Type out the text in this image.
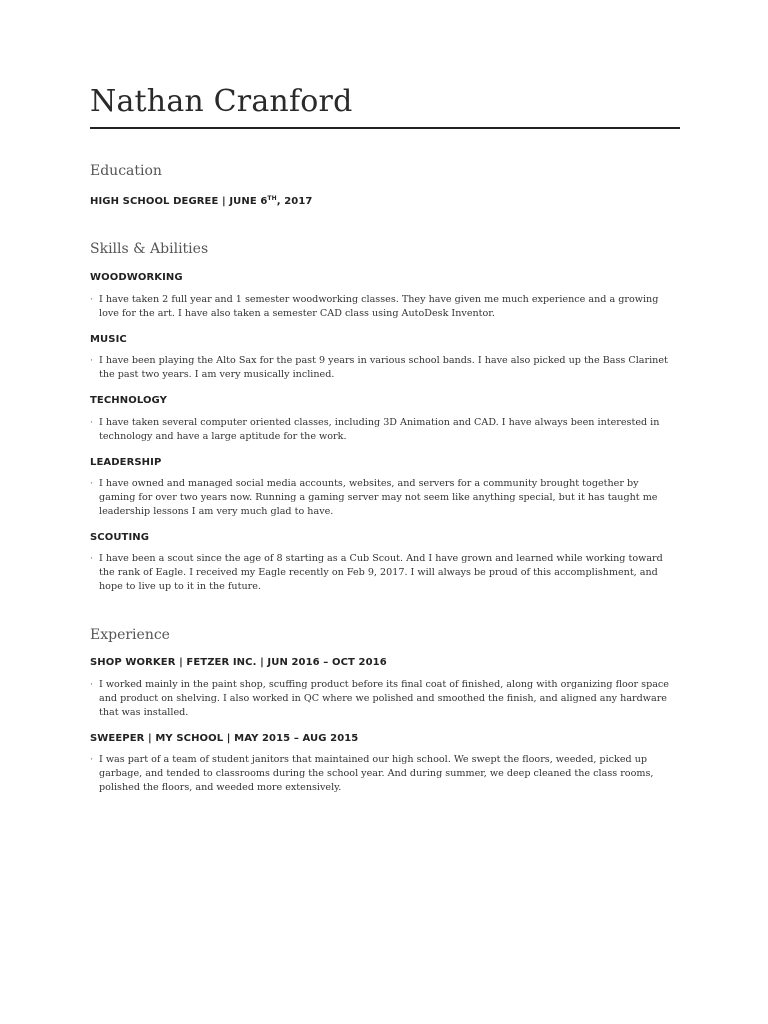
Nathan Cranford
Education
HIGH SCHOOL DEGREE | JUNE 6TH, 2017
Skills & Abilities
WOODWORKING
· I have taken 2 full year and 1 semester woodworking classes. They have given me much experience and a growing love for the art. I have also taken a semester CAD class using AutoDesk Inventor.
MUSIC
· I have been playing the Alto Sax for the past 9 years in various school bands. I have also picked up the Bass Clarinet the past two years. I am very musically inclined.
TECHNOLOGY
· I have taken several computer oriented classes, including 3D Animation and CAD. I have always been interested in technology and have a large aptitude for the work.
LEADERSHIP
· I have owned and managed social media accounts, websites, and servers for a community brought together by gaming for over two years now. Running a gaming server may not seem like anything special, but it has taught me leadership lessons I am very much glad to have.
SCOUTING
· I have been a scout since the age of 8 starting as a Cub Scout. And I have grown and learned while working toward the rank of Eagle. I received my Eagle recently on Feb 9, 2017. I will always be proud of this accomplishment, and hope to live up to it in the future.
Experience
SHOP WORKER | FETZER INC. | JUN 2016 – OCT 2016
· I worked mainly in the paint shop, scuffing product before its final coat of finished, along with organizing floor space and product on shelving. I also worked in QC where we polished and smoothed the finish, and aligned any hardware that was installed.
SWEEPER | MY SCHOOL | MAY 2015 – AUG 2015
· I was part of a team of student janitors that maintained our high school. We swept the floors, weeded, picked up garbage, and tended to classrooms during the school year. And during summer, we deep cleaned the class rooms, polished the floors, and weeded more extensively.
